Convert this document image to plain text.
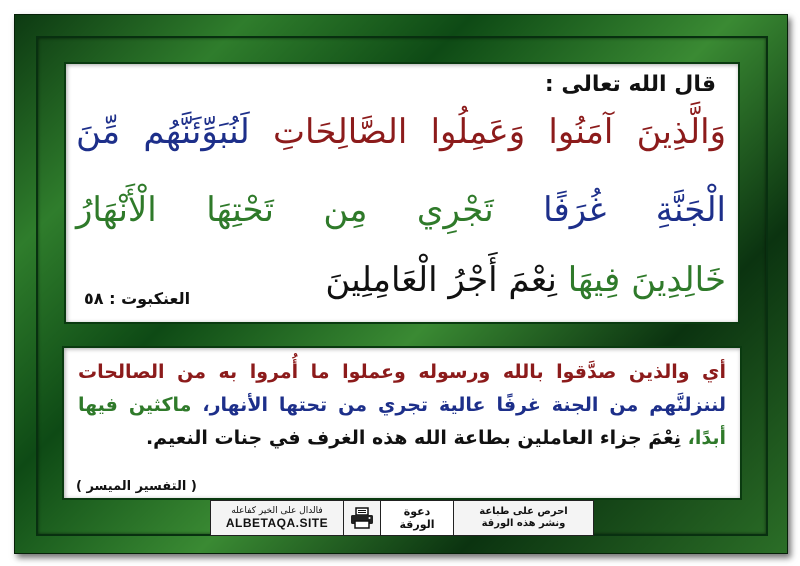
قال الله تعالى :
وَالَّذِينَ آمَنُوا وَعَمِلُوا الصَّالِحَاتِ لَنُبَوِّئَنَّهُم مِّنَ
الْجَنَّةِ غُرَفًا تَجْرِي مِن تَحْتِهَا الْأَنْهَارُ
خَالِدِينَ فِيهَا نِعْمَ أَجْرُ الْعَامِلِينَ
العنكبوت : ٥٨
أي والذين صدَّقوا بالله ورسوله وعملوا ما أُمروا به من الصالحات
لننزلنَّهم من الجنة غرفًا عالية تجري من تحتها الأنهار، ماكثين فيها
أبدًا، نِعْمَ جزاء العاملين بطاعة الله هذه الغرف في جنات النعيم.
( التفسير الميسر )
فالدال على الخير كفاعله
ALBETAQA.SITE
دعوة
الورقة
احرص على طباعة
ونشر هذه الورقة
